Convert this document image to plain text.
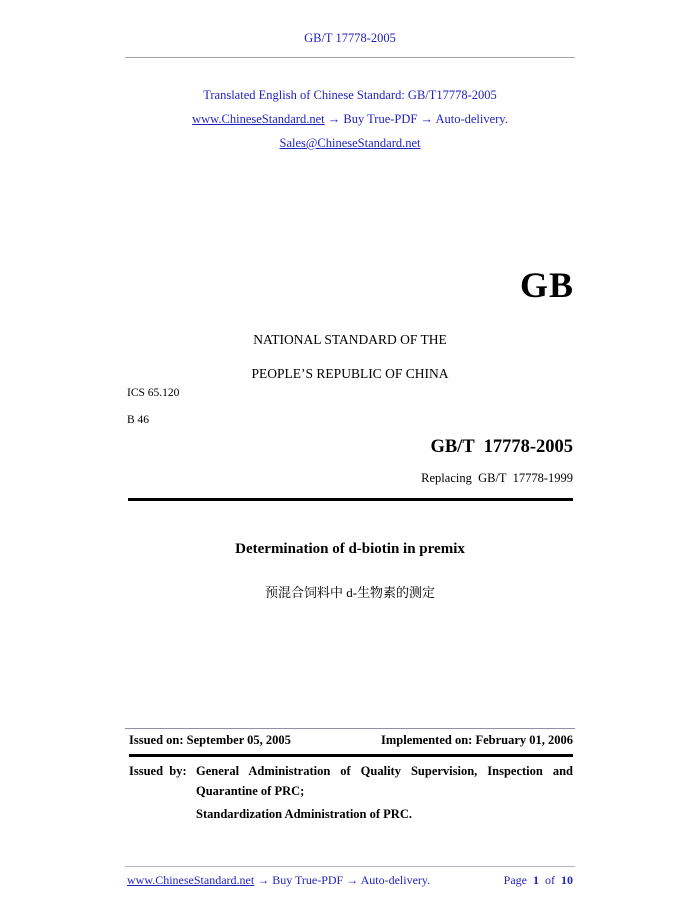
GB/T 17778-2005
Translated English of Chinese Standard: GB/T17778-2005
www.ChineseStandard.net → Buy True-PDF → Auto-delivery.
Sales@ChineseStandard.net
GB
NATIONAL STANDARD OF THE
PEOPLE’S REPUBLIC OF CHINA
ICS 65.120
B 46
GB/T  17778-2005
Replacing  GB/T  17778-1999
Determination of d-biotin in premix
预混合饲料中 d-生物素的测定
Issued on: September 05, 2005	Implemented on: February 01, 2006
Issued  by: General Administration of Quality Supervision, Inspection and
Quarantine of PRC;
Standardization Administration of PRC.
www.ChineseStandard.net → Buy True-PDF → Auto-delivery.	Page 1 of 10
